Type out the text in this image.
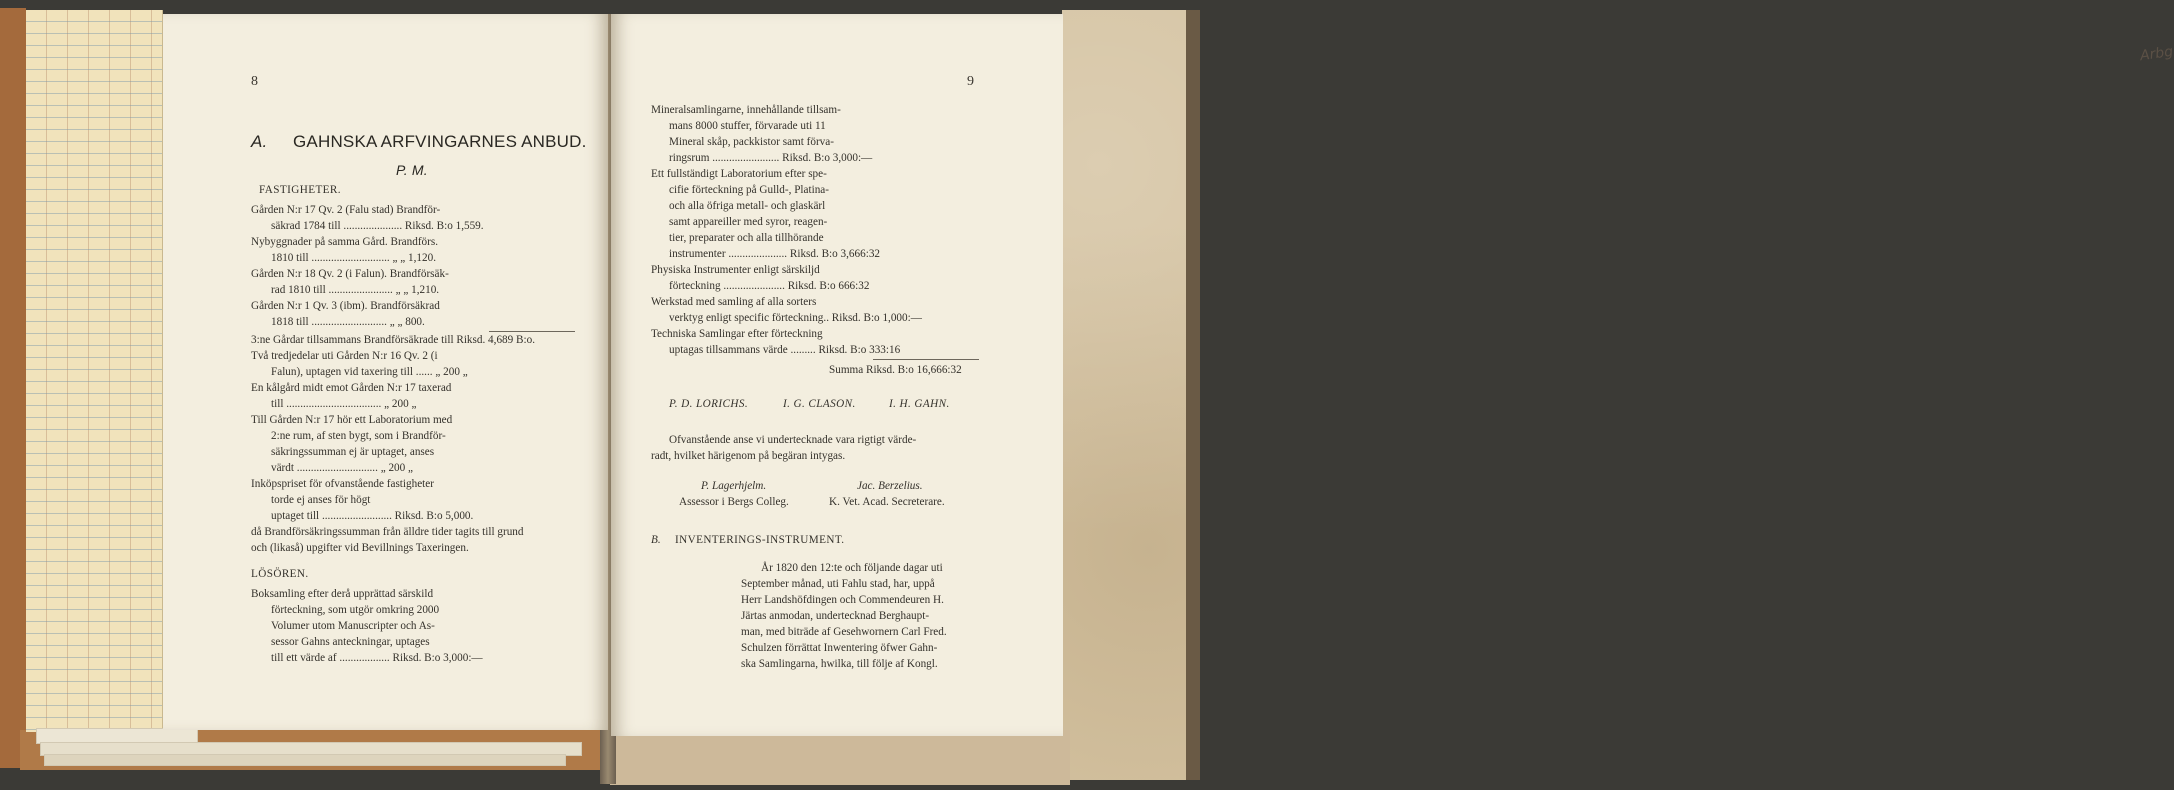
Arbg
8
A. GAHNSKA ARFVINGARNES ANBUD.
P. M.
FASTIGHETER.
Gården N:r 17 Qv. 2 (Falu stad) Brandför-
säkrad 1784 till ..................... Riksd. B:o 1,559.
Nybyggnader på samma Gård. Brandförs.
1810 till ............................ „ „ 1,120.
Gården N:r 18 Qv. 2 (i Falun). Brandförsäk-
rad 1810 till ....................... „ „ 1,210.
Gården N:r 1 Qv. 3 (ibm). Brandförsäkrad
1818 till ........................... „ „ 800.
3:ne Gårdar tillsammans Brandförsäkrade till Riksd. 4,689 B:o.
Två tredjedelar uti Gården N:r 16 Qv. 2 (i
Falun), uptagen vid taxering till ...... „ 200 „
En kålgård midt emot Gården N:r 17 taxerad
till .................................. „ 200 „
Till Gården N:r 17 hör ett Laboratorium med
2:ne rum, af sten bygt, som i Brandför-
säkringssumman ej är uptaget, anses
värdt ............................. „ 200 „
Inköpspriset för ofvanstående fastigheter
torde ej anses för högt
uptaget till ......................... Riksd. B:o 5,000.
då Brandförsäkringssumman från älldre tider tagits till grund
och (likaså) upgifter vid Bevillnings Taxeringen.
LÖSÖREN.
Boksamling efter derå upprättad särskild
förteckning, som utgör omkring 2000
Volumer utom Manuscripter och As-
sessor Gahns anteckningar, uptages
till ett värde af .................. Riksd. B:o 3,000:—
9
Mineralsamlingarne, innehållande tillsam-
mans 8000 stuffer, förvarade uti 11
Mineral skåp, packkistor samt förva-
ringsrum ........................ Riksd. B:o 3,000:—
Ett fullständigt Laboratorium efter spe-
cifie förteckning på Gulld-, Platina-
och alla öfriga metall- och glaskärl
samt appareiller med syror, reagen-
tier, preparater och alla tillhörande
instrumenter ..................... Riksd. B:o 3,666:32
Physiska Instrumenter enligt särskiljd
förteckning ...................... Riksd. B:o 666:32
Werkstad med samling af alla sorters
verktyg enligt specific förteckning.. Riksd. B:o 1,000:—
Techniska Samlingar efter förteckning
uptagas tillsammans värde ......... Riksd. B:o 333:16
Summa Riksd. B:o 16,666:32
P. D. LORICHS.	I. G. CLASON.	I. H. GAHN.
Ofvanstående anse vi undertecknade vara rigtigt värde-
radt, hvilket härigenom på begäran intygas.
P. Lagerhjelm.	Jac. Berzelius.
Assessor i Bergs Colleg.	K. Vet. Acad. Secreterare.
B. INVENTERINGS-INSTRUMENT.
År 1820 den 12:te och följande dagar uti
September månad, uti Fahlu stad, har, uppå
Herr Landshöfdingen och Commendeuren H.
Järtas anmodan, undertecknad Berghaupt-
man, med biträde af Gesehwornern Carl Fred.
Schulzen förrättat Inwentering öfwer Gahn-
ska Samlingarna, hwilka, till följe af Kongl.
